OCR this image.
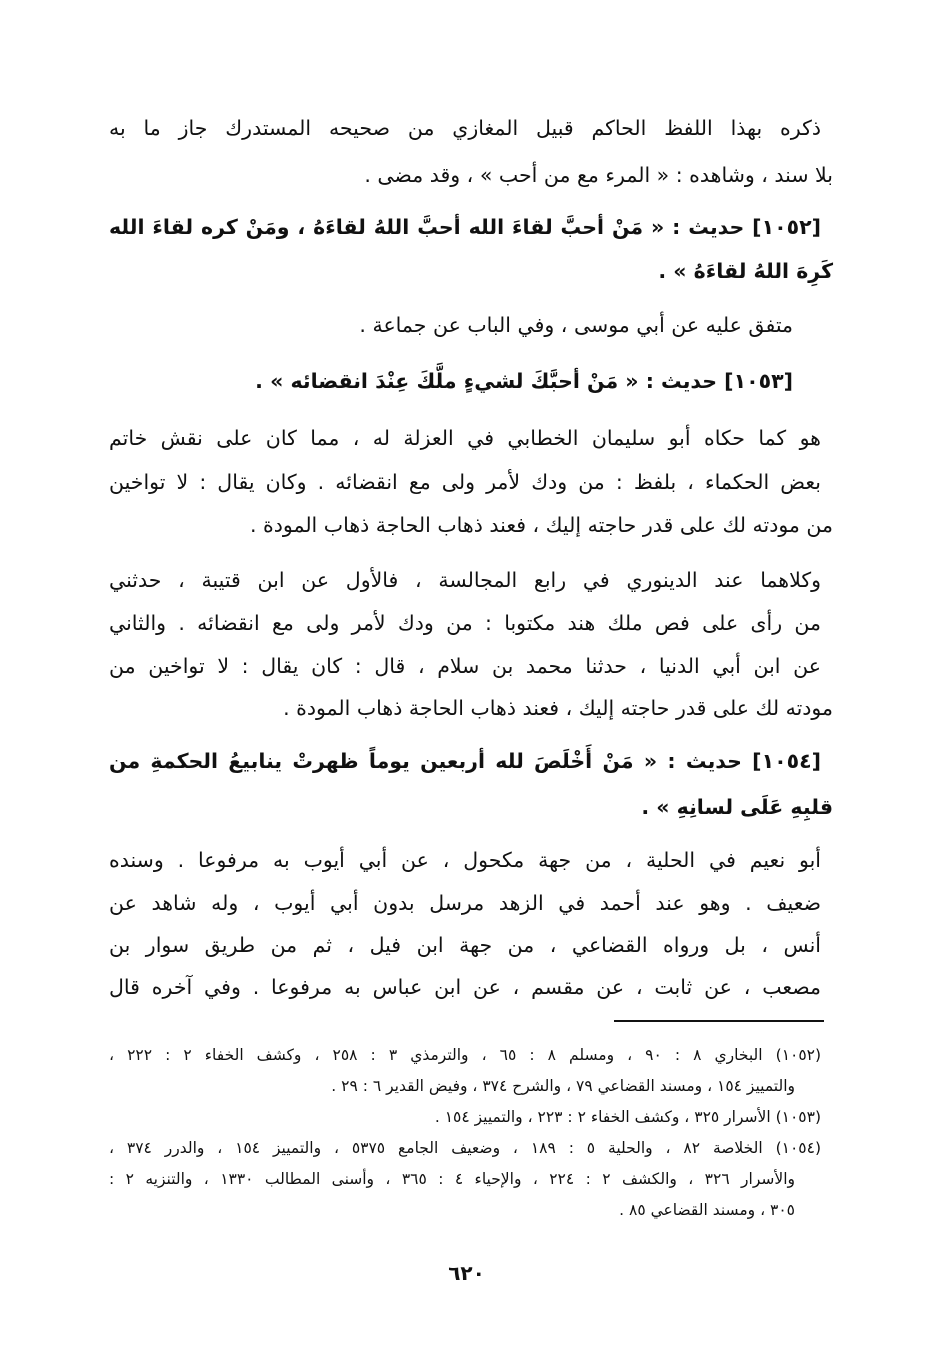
ذكره بهذا اللفظ الحاكم قبيل المغازي من صحيحه المستدرك جاز ما به
بلا سند ، وشاهده : « المرء مع من أحب » ، وقد مضى .
[١٠٥٢] حديث : « مَنْ أحبَّ لقاءَ الله أحبَّ اللهُ لقاءَهُ ، ومَنْ كره لقاءَ الله
كَرِهَ اللهُ لقاءَهُ » .
متفق عليه عن أبي موسى ، وفي الباب عن جماعة .
[١٠٥٣] حديث : « مَنْ أحبَّكَ لشيءٍ ملَّكَ عِنْدَ انقضائه » .
هو كما حكاه أبو سليمان الخطابي في العزلة له ، مما كان على نقش خاتم
بعض الحكماء ، بلفظ : من ودك لأمر ولى مع انقضائه . وكان يقال : لا تواخين
من مودته لك على قدر حاجته إليك ، فعند ذهاب الحاجة ذهاب المودة .
وكلاهما عند الدينوري في رابع المجالسة ، فالأول عن ابن قتيبة ، حدثني
من رأى على فص ملك هند مكتوبا : من ودك لأمر ولى مع انقضائه . والثاني
عن ابن أبي الدنيا ، حدثنا محمد بن سلام ، قال : كان يقال : لا تواخين من
مودته لك على قدر حاجته إليك ، فعند ذهاب الحاجة ذهاب المودة .
[١٠٥٤] حديث : « مَنْ أَخْلَصَ لله أربعين يوماً ظهرتْ ينابيعُ الحكمةِ من
قلبِهِ عَلَى لسانِهِ » .
أبو نعيم في الحلية ، من جهة مكحول ، عن أبي أيوب به مرفوعا . وسنده
ضعيف . وهو عند أحمد في الزهد مرسل بدون أبي أيوب ، وله شاهد عن
أنس ، بل ورواه القضاعي ، من جهة ابن فيل ، ثم من طريق سوار بن
مصعب ، عن ثابت ، عن مقسم ، عن ابن عباس به مرفوعا . وفي آخره قال
(١٠٥٢) البخاري ٨ : ٩٠ ، ومسلم ٨ : ٦٥ ، والترمذي ٣ : ٢٥٨ ، وكشف الخفاء ٢ : ٢٢٢ ،
والتمييز ١٥٤ ، ومسند القضاعي ٧٩ ، والشرح ٣٧٤ ، وفيض القدير ٦ : ٢٩ .
(١٠٥٣) الأسرار ٣٢٥ ، وكشف الخفاء ٢ : ٢٢٣ ، والتمييز ١٥٤ .
(١٠٥٤) الخلاصة ٨٢ ، والحلية ٥ : ١٨٩ ، وضعيف الجامع ٥٣٧٥ ، والتمييز ١٥٤ ، والدرر ٣٧٤ ،
والأسرار ٣٢٦ ، والكشف ٢ : ٢٢٤ ، والإحياء ٤ : ٣٦٥ ، وأسنى المطالب ١٣٣٠ ، والتنزيه ٢ :
٣٠٥ ، ومسند القضاعي ٨٥ .
٦٢٠
